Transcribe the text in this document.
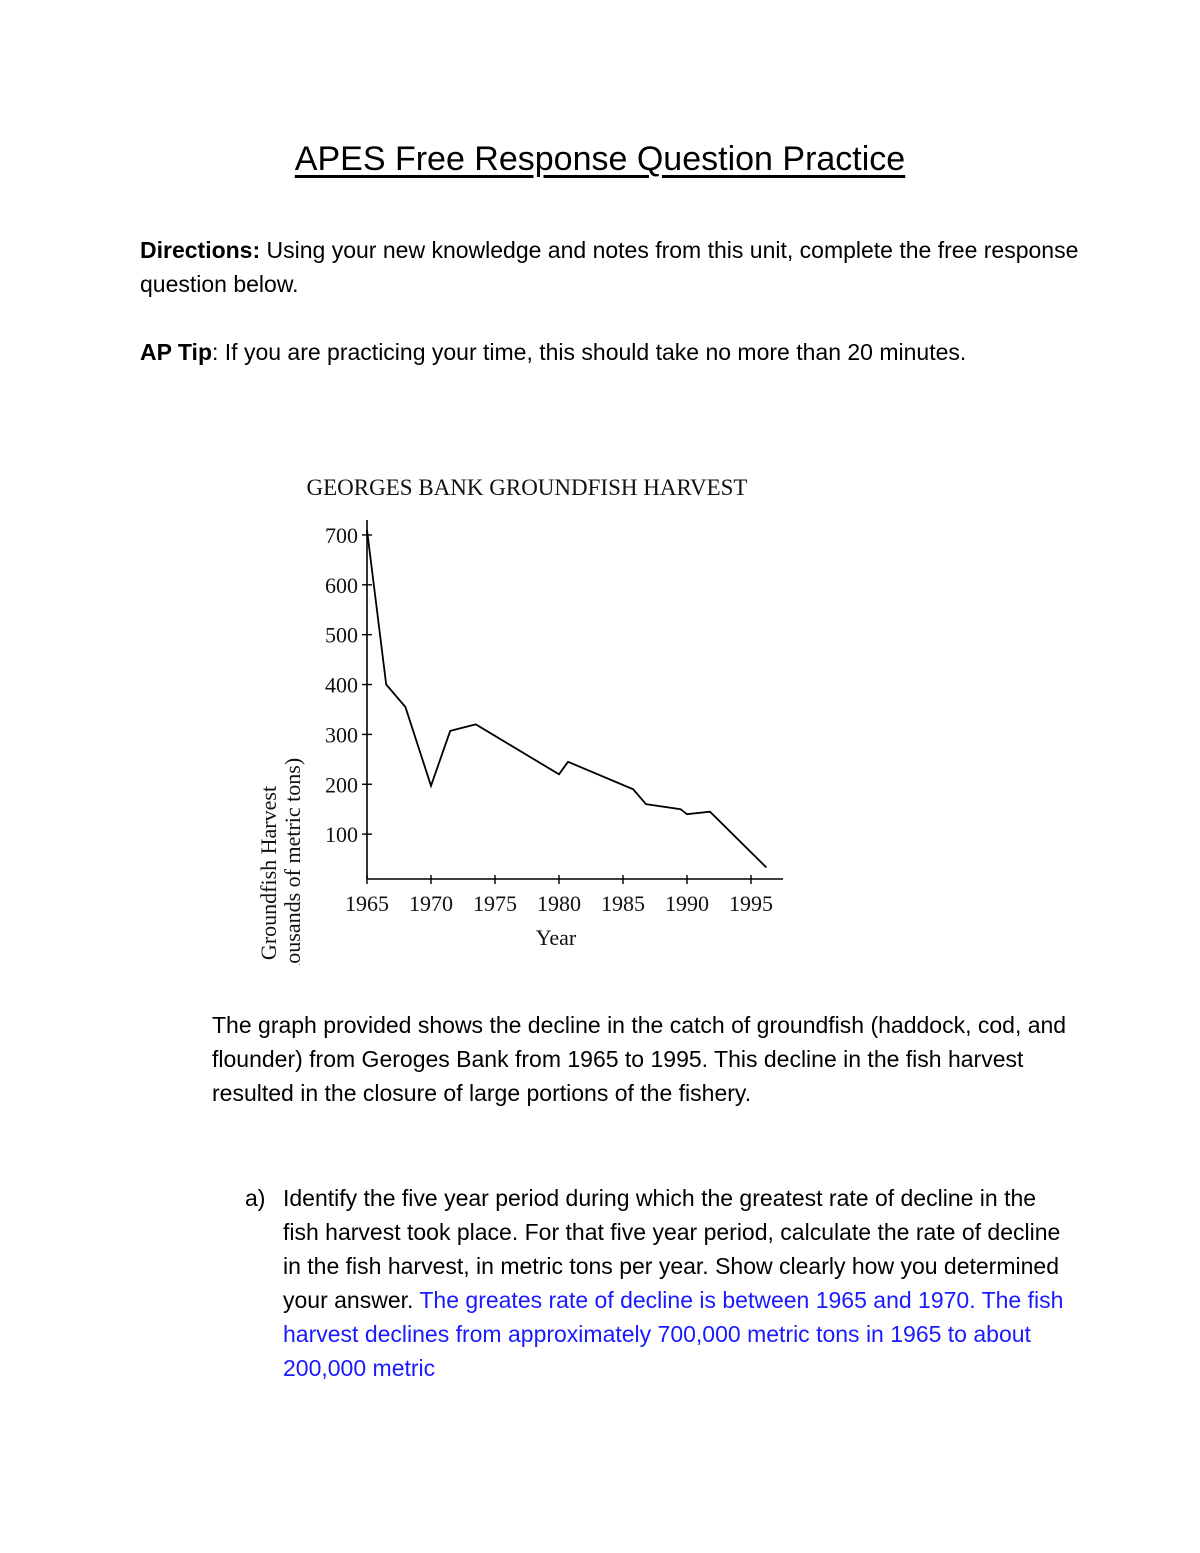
APES Free Response Question Practice

Directions: Using your new knowledge and notes from this unit, complete the free response question below.

AP Tip: If you are practicing your time, this should take no more than 20 minutes.

GEORGES BANK GROUNDFISH HARVEST
Groundfish Harvest (thousands of metric tons) 100
200
300
400
500
600
700
1965 1970 1975 1980 1985 1990 1995
Year

The graph provided shows the decline in the catch of groundfish (haddock, cod, and flounder) from Geroges Bank from 1965 to 1995. This decline in the fish harvest resulted in the closure of large portions of the fishery.

a) Identify the five year period during which the greatest rate of decline in the fish harvest took place. For that five year period, calculate the rate of decline in the fish harvest, in metric tons per year. Show clearly how you determined your answer. The greates rate of decline is between 1965 and 1970. The fish harvest declines from approximately 700,000 metric tons in 1965 to about 200,000 metric
